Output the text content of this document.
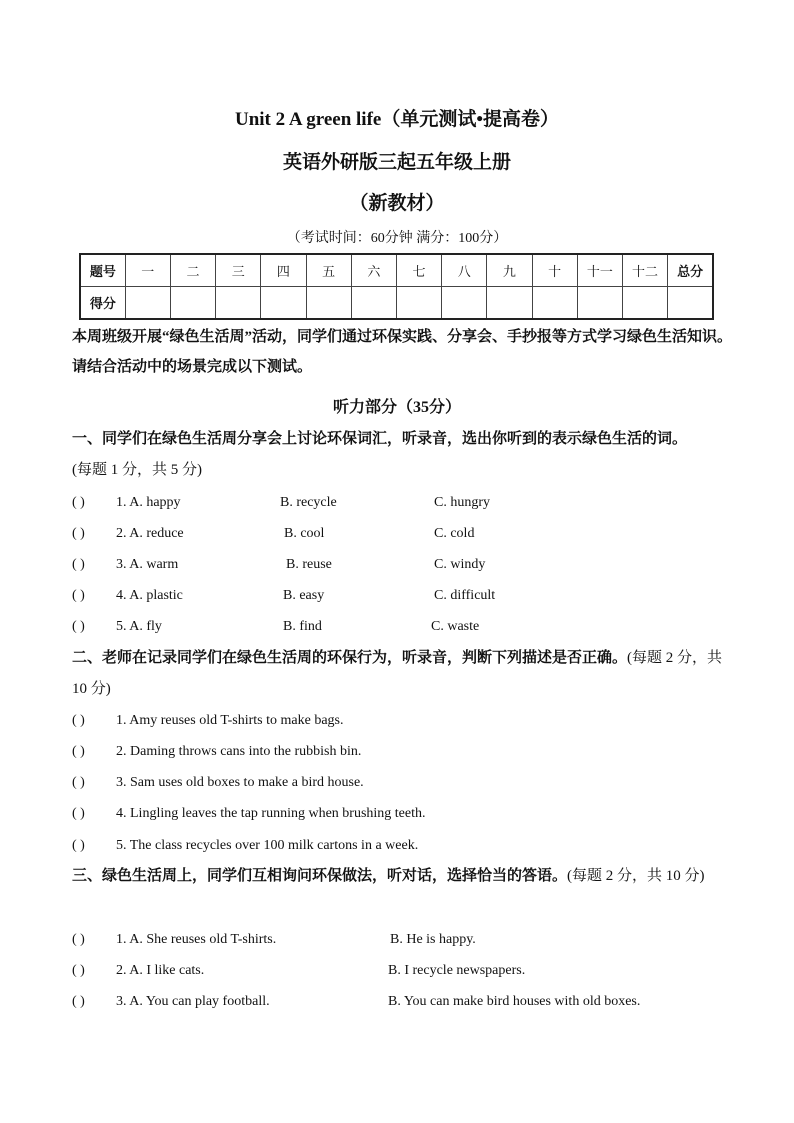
Unit 2 A green life（单元测试•提高卷）
英语外研版三起五年级上册
（新教材）
（考试时间：60分钟 满分：100分）
题号	一	二	三	四	五	六	七	八	九	十	十一	十二	总分
得分													
本周班级开展“绿色生活周”活动，同学们通过环保实践、分享会、手抄报等方式学习绿色生活知识。请结合活动中的场景完成以下测试。
听力部分（35分）
一、同学们在绿色生活周分享会上讨论环保词汇，听录音，选出你听到的表示绿色生活的词。
(每题 1 分，共 5 分)
( ) 1. A. happy	B. recycle	C. hungry
( ) 2. A. reduce	B. cool	C. cold
( ) 3. A. warm	B. reuse	C. windy
( ) 4. A. plastic	B. easy	C. difficult
( ) 5. A. fly	B. find	C. waste
二、老师在记录同学们在绿色生活周的环保行为，听录音，判断下列描述是否正确。(每题 2 分，共 10 分)
( ) 1. Amy reuses old T-shirts to make bags.
( ) 2. Daming throws cans into the rubbish bin.
( ) 3. Sam uses old boxes to make a bird house.
( ) 4. Lingling leaves the tap running when brushing teeth.
( ) 5. The class recycles over 100 milk cartons in a week.
三、绿色生活周上，同学们互相询问环保做法，听对话，选择恰当的答语。(每题 2 分，共 10 分)
( ) 1. A. She reuses old T-shirts.	B. He is happy.
( ) 2. A. I like cats.	B. I recycle newspapers.
( ) 3. A. You can play football.	B. You can make bird houses with old boxes.
